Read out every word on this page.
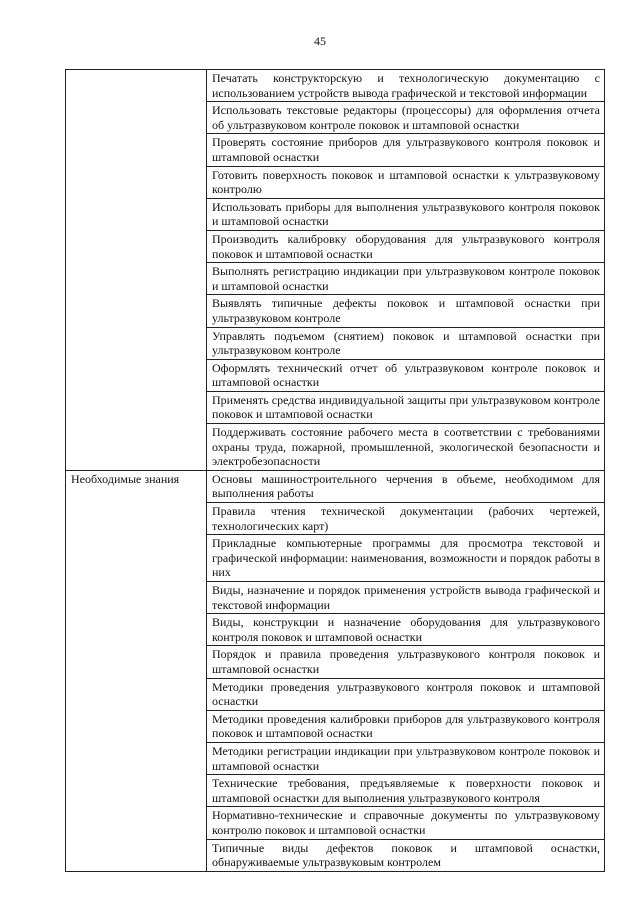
45
	Печатать конструкторскую и технологическую документацию с использованием устройств вывода графической и текстовой информации
	Использовать текстовые редакторы (процессоры) для оформления отчета об ультразвуковом контроле поковок и штамповой оснастки
	Проверять состояние приборов для ультразвукового контроля поковок и штамповой оснастки
	Готовить поверхность поковок и штамповой оснастки к ультразвуковому контролю
	Использовать приборы для выполнения ультразвукового контроля поковок и штамповой оснастки
	Производить калибровку оборудования для ультразвукового контроля поковок и штамповой оснастки
	Выполнять регистрацию индикации при ультразвуковом контроле поковок и штамповой оснастки
	Выявлять типичные дефекты поковок и штамповой оснастки при ультразвуковом контроле
	Управлять подъемом (снятием) поковок и штамповой оснастки при ультразвуковом контроле
	Оформлять технический отчет об ультразвуковом контроле поковок и штамповой оснастки
	Применять средства индивидуальной защиты при ультразвуковом контроле поковок и штамповой оснастки
	Поддерживать состояние рабочего места в соответствии с требованиями охраны труда, пожарной, промышленной, экологической безопасности и электробезопасности
Необходимые знания	Основы машиностроительного черчения в объеме, необходимом для выполнения работы
	Правила чтения технической документации (рабочих чертежей, технологических карт)
	Прикладные компьютерные программы для просмотра текстовой и графической информации: наименования, возможности и порядок работы в них
	Виды, назначение и порядок применения устройств вывода графической и текстовой информации
	Виды, конструкции и назначение оборудования для ультразвукового контроля поковок и штамповой оснастки
	Порядок и правила проведения ультразвукового контроля поковок и штамповой оснастки
	Методики проведения ультразвукового контроля поковок и штамповой оснастки
	Методики проведения калибровки приборов для ультразвукового контроля поковок и штамповой оснастки
	Методики регистрации индикации при ультразвуковом контроле поковок и штамповой оснастки
	Технические требования, предъявляемые к поверхности поковок и штамповой оснастки для выполнения ультразвукового контроля
	Нормативно-технические и справочные документы по ультразвуковому контролю поковок и штамповой оснастки
	Типичные виды дефектов поковок и штамповой оснастки, обнаруживаемые ультразвуковым контролем
